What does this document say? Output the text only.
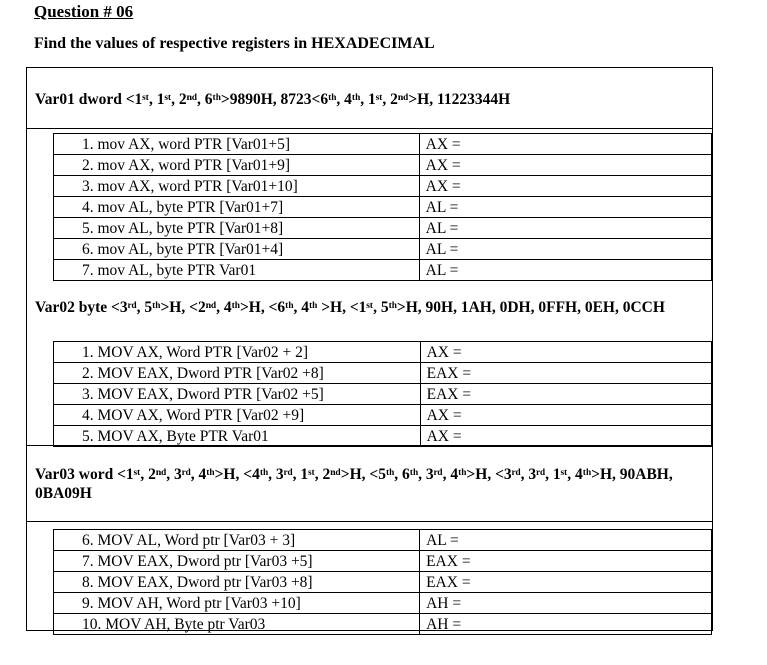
Question # 06
Find the values of respective registers in HEXADECIMAL
Var01 dword <1ˢᵗ, 1ˢᵗ, 2ⁿᵈ, 6ᵗʰ>9890H, 8723<6ᵗʰ, 4ᵗʰ, 1ˢᵗ, 2ⁿᵈ>H, 11223344H
1. mov AX, word PTR [Var01+5]	AX =
2. mov AX, word PTR [Var01+9]	AX =
3. mov AX, word PTR [Var01+10]	AX =
4. mov AL, byte PTR [Var01+7]	AL =
5. mov AL, byte PTR [Var01+8]	AL =
6. mov AL, byte PTR [Var01+4]	AL =
7. mov AL, byte PTR Var01	AL =
Var02 byte <3ʳᵈ, 5ᵗʰ>H, <2ⁿᵈ, 4ᵗʰ>H, <6ᵗʰ, 4ᵗʰ >H, <1ˢᵗ, 5ᵗʰ>H, 90H, 1AH, 0DH, 0FFH, 0EH, 0CCH
1. MOV AX, Word PTR [Var02 + 2]	AX =
2. MOV EAX, Dword PTR [Var02 +8]	EAX =
3. MOV EAX, Dword PTR [Var02 +5]	EAX =
4. MOV AX, Word PTR [Var02 +9]	AX =
5. MOV AX, Byte PTR Var01	AX =
Var03 word <1ˢᵗ, 2ⁿᵈ, 3ʳᵈ, 4ᵗʰ>H, <4ᵗʰ, 3ʳᵈ, 1ˢᵗ, 2ⁿᵈ>H, <5ᵗʰ, 6ᵗʰ, 3ʳᵈ, 4ᵗʰ>H, <3ʳᵈ, 3ʳᵈ, 1ˢᵗ, 4ᵗʰ>H, 90ABH, 0BA09H
6. MOV AL, Word ptr [Var03 + 3]	AL =
7. MOV EAX, Dword ptr [Var03 +5]	EAX =
8. MOV EAX, Dword ptr [Var03 +8]	EAX =
9. MOV AH, Word ptr [Var03 +10]	AH =
10. MOV AH, Byte ptr Var03	AH =
